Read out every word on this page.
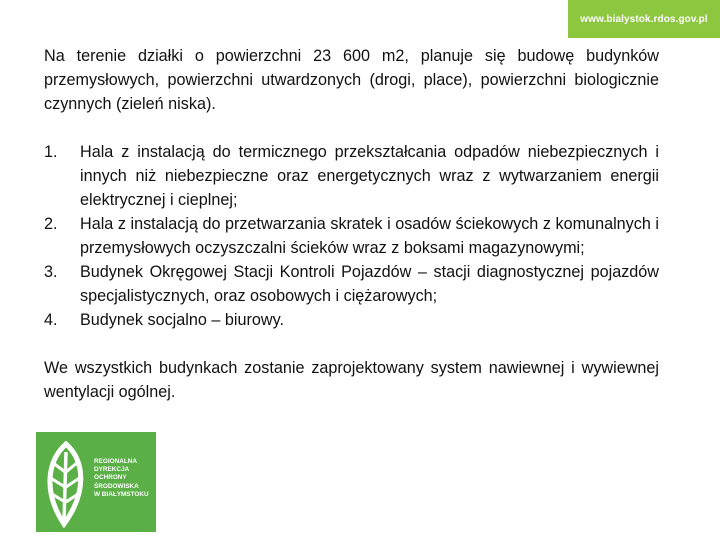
www.bialystok.rdos.gov.pl

Na terenie działki o powierzchni 23 600 m2, planuje się budowę budynków przemysłowych, powierzchni utwardzonych (drogi, place), powierzchni biologicznie czynnych (zieleń niska).

1. Hala z instalacją do termicznego przekształcania odpadów niebezpiecznych i innych niż niebezpieczne oraz energetycznych wraz z wytwarzaniem energii elektrycznej i cieplnej;
2. Hala z instalacją do przetwarzania skratek i osadów ściekowych z komunalnych i przemysłowych oczyszczalni ścieków wraz z boksami magazynowymi;
3. Budynek Okręgowej Stacji Kontroli Pojazdów – stacji diagnostycznej pojazdów specjalistycznych, oraz osobowych i ciężarowych;
4. Budynek socjalno – biurowy.

We wszystkich budynkach zostanie zaprojektowany system nawiewnej i wywiewnej wentylacji ogólnej.

REGIONALNA
DYREKCJA
OCHRONY
ŚRODOWISKA
W BIAŁYMSTOKU
